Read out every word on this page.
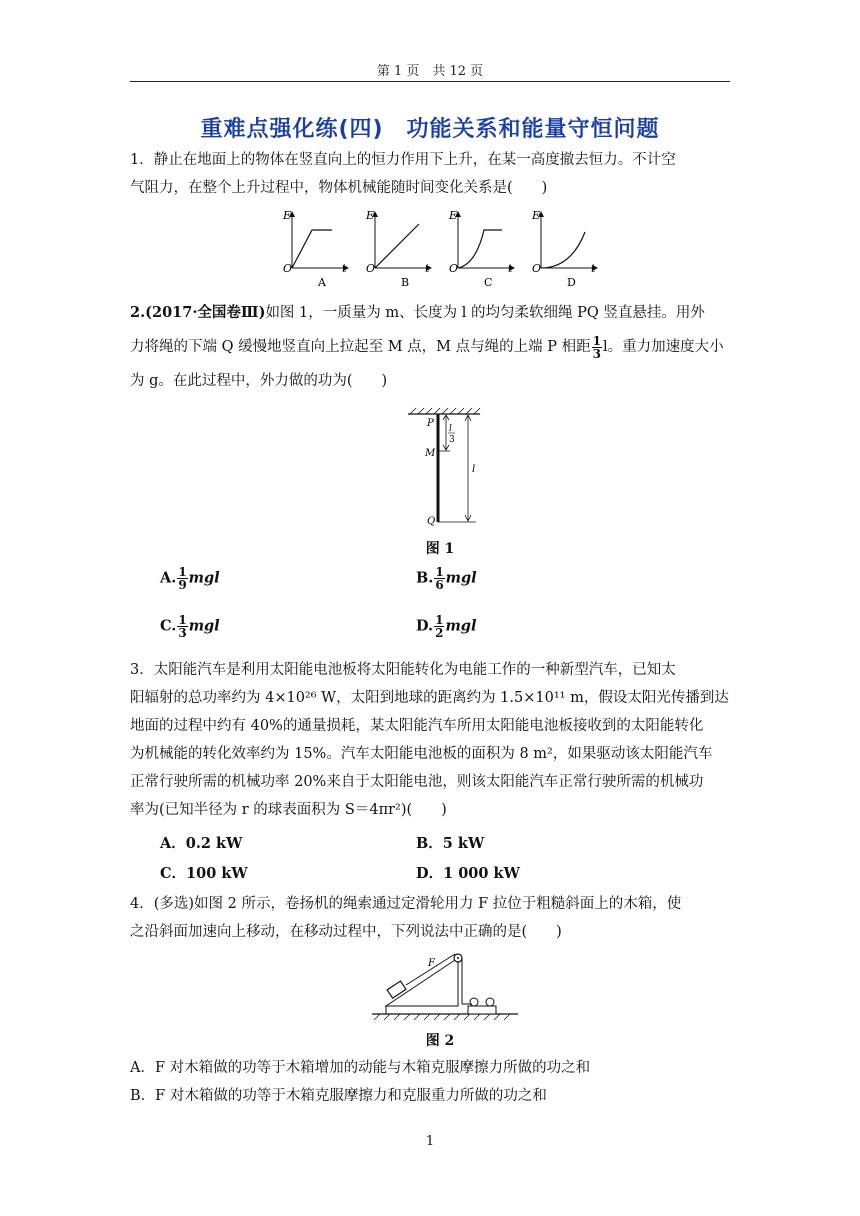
第 1 页　共 12 页
重难点强化练(四)　功能关系和能量守恒问题
1．静止在地面上的物体在竖直向上的恒力作用下上升，在某一高度撤去恒力。不计空
气阻力，在整个上升过程中，物体机械能随时间变化关系是(　　)
E
O	t
A
E
O	t
B
E
O	t
C
E
O	t
D
2.(2017·全国卷Ⅲ)如图 1，一质量为 m、长度为 l 的均匀柔软细绳 PQ 竖直悬挂。用外
力将绳的下端 Q 缓慢地竖直向上拉起至 M 点，M 点与绳的上端 P 相距 $\frac{1}{3}$ l。重力加速度大小
为 g。在此过程中，外力做的功为(　　)
P
M
Q
l
3
l
图 1
A. $\frac{1}{9}$ mgl	B. $\frac{1}{6}$ mgl
C. $\frac{1}{3}$ mgl	D. $\frac{1}{2}$ mgl
3．太阳能汽车是利用太阳能电池板将太阳能转化为电能工作的一种新型汽车，已知太
阳辐射的总功率约为 4×10²⁶ W，太阳到地球的距离约为 1.5×10¹¹ m，假设太阳光传播到达
地面的过程中约有 40%的通量损耗，某太阳能汽车所用太阳能电池板接收到的太阳能转化
为机械能的转化效率约为 15%。汽车太阳能电池板的面积为 8 m²，如果驱动该太阳能汽车
正常行驶所需的机械功率 20%来自于太阳能电池，则该太阳能汽车正常行驶所需的机械功
率为(已知半径为 r 的球表面积为 S＝4πr²)(　　)
A．0.2 kW	B．5 kW
C．100 kW	D．1 000 kW
4．(多选)如图 2 所示，卷扬机的绳索通过定滑轮用力 F 拉位于粗糙斜面上的木箱，使
之沿斜面加速向上移动，在移动过程中，下列说法中正确的是(　　)
F
图 2
A．F 对木箱做的功等于木箱增加的动能与木箱克服摩擦力所做的功之和
B．F 对木箱做的功等于木箱克服摩擦力和克服重力所做的功之和
1
